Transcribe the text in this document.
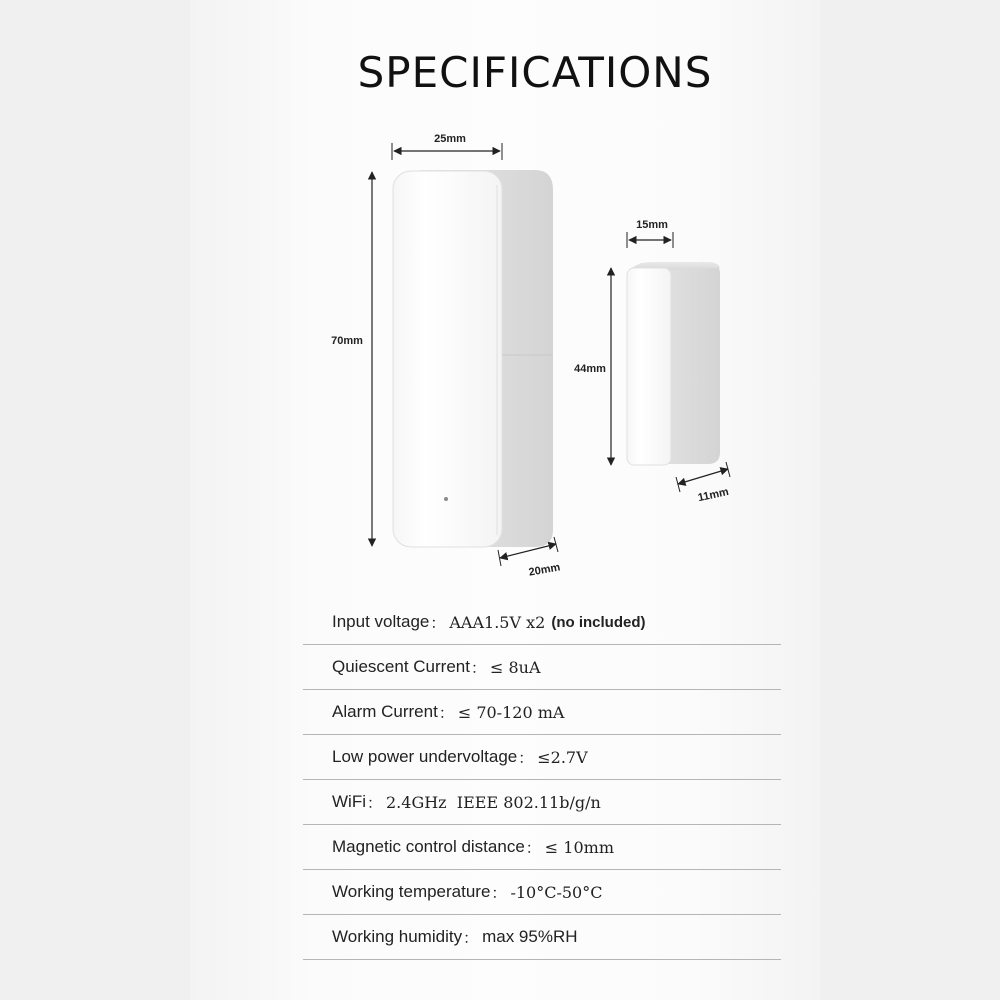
SPECIFICATIONS
25mm
70mm
20mm
15mm
44mm
11mm
Input voltage ： AAA1.5V x2 (no included)
Quiescent Current ： ≤ 8uA
Alarm Current ： ≤ 70-120 mA
Low power undervoltage ： ≤2.7V
WiFi ： 2.4GHz  IEEE 802.11b/g/n
Magnetic control distance ： ≤ 10mm
Working temperature ： -10°C-50°C
Working humidity ： max 95%RH
